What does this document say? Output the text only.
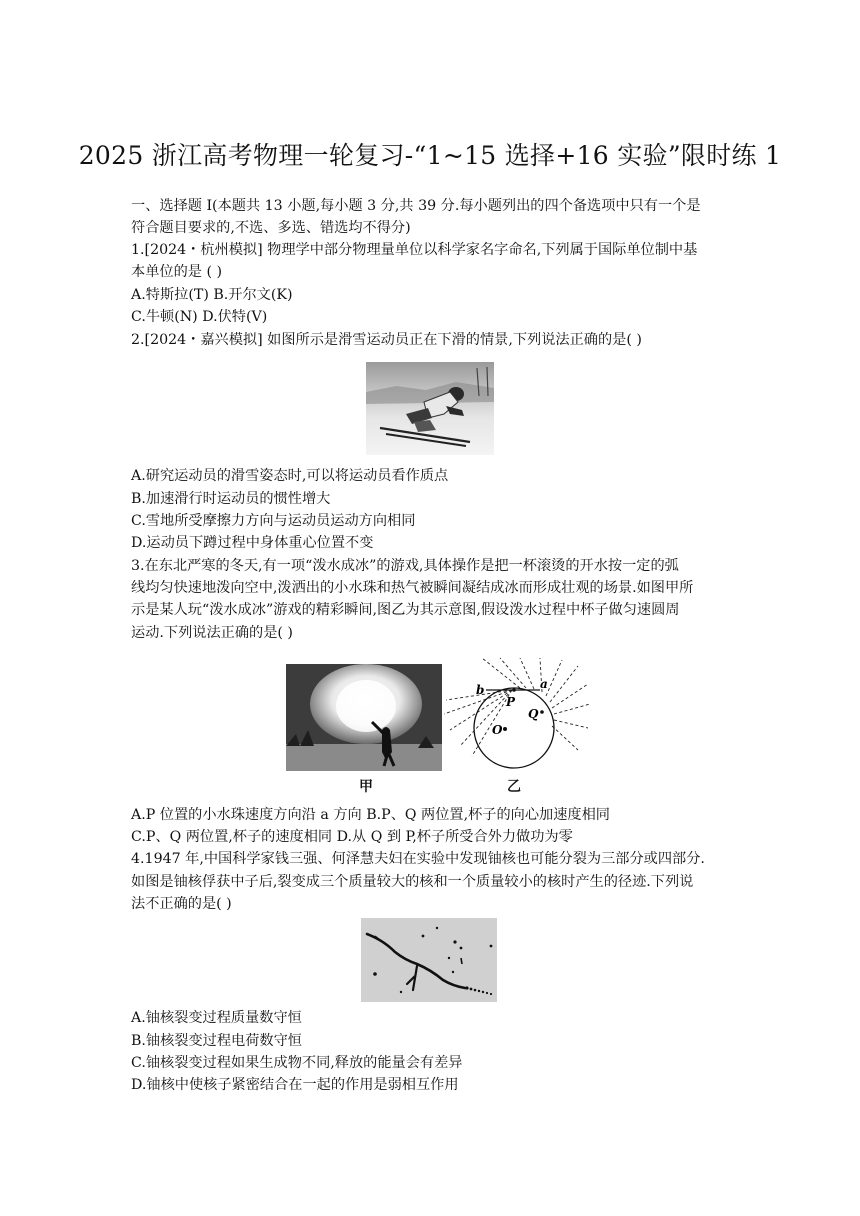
2025 浙江高考物理一轮复习-“1~15 选择+16 实验”限时练 1
一、选择题 Ⅰ(本题共 13 小题,每小题 3 分,共 39 分.每小题列出的四个备选项中只有一个是
符合题目要求的,不选、多选、错选均不得分)
1.[2024・杭州模拟] 物理学中部分物理量单位以科学家名字命名,下列属于国际单位制中基
本单位的是 ( )
A.特斯拉(T) B.开尔文(K)
C.牛顿(N) D.伏特(V)
2.[2024・嘉兴模拟] 如图所示是滑雪运动员正在下滑的情景,下列说法正确的是( )
A.研究运动员的滑雪姿态时,可以将运动员看作质点
B.加速滑行时运动员的惯性增大
C.雪地所受摩擦力方向与运动员运动方向相同
D.运动员下蹲过程中身体重心位置不变
3.在东北严寒的冬天,有一项“泼水成冰”的游戏,具体操作是把一杯滚烫的开水按一定的弧
线均匀快速地泼向空中,泼洒出的小水珠和热气被瞬间凝结成冰而形成壮观的场景.如图甲所
示是某人玩“泼水成冰”游戏的精彩瞬间,图乙为其示意图,假设泼水过程中杯子做匀速圆周
运动.下列说法正确的是( )
b	a
P
Q
O
甲	乙
A.P 位置的小水珠速度方向沿 a 方向 B.P、Q 两位置,杯子的向心加速度相同
C.P、Q 两位置,杯子的速度相同 D.从 Q 到 P,杯子所受合外力做功为零
4.1947 年,中国科学家钱三强、何泽慧夫妇在实验中发现铀核也可能分裂为三部分或四部分.
如图是铀核俘获中子后,裂变成三个质量较大的核和一个质量较小的核时产生的径迹.下列说
法不正确的是( )
A.铀核裂变过程质量数守恒
B.铀核裂变过程电荷数守恒
C.铀核裂变过程如果生成物不同,释放的能量会有差异
D.铀核中使核子紧密结合在一起的作用是弱相互作用
